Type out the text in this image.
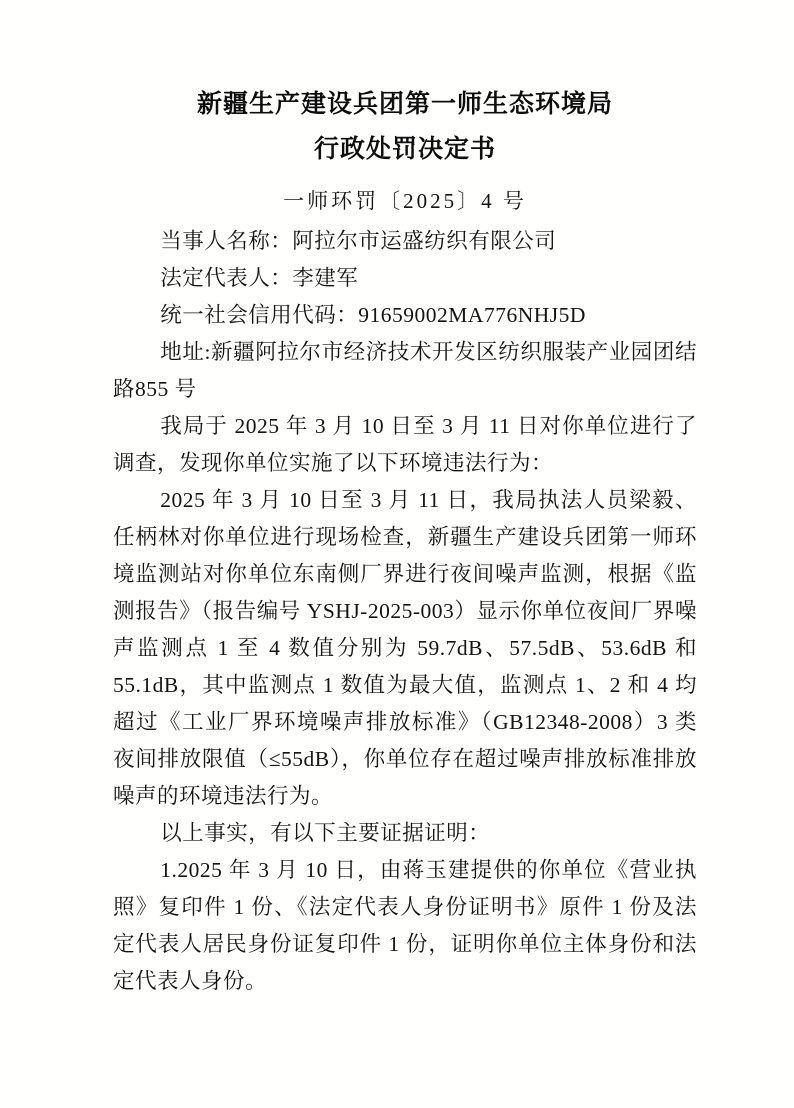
新疆生产建设兵团第一师生态环境局
行政处罚决定书
一师环罚〔2025〕4 号

当事人名称：阿拉尔市运盛纺织有限公司

法定代表人：李建军

统一社会信用代码：91659002MA776NHJ5D

地址:新疆阿拉尔市经济技术开发区纺织服装产业园团结路855 号

我局于 2025 年 3 月 10 日至 3 月 11 日对你单位进行了调查，发现你单位实施了以下环境违法行为：

2025 年 3 月 10 日至 3 月 11 日，我局执法人员梁毅、任柄林对你单位进行现场检查，新疆生产建设兵团第一师环境监测站对你单位东南侧厂界进行夜间噪声监测，根据《监测报告》（报告编号 YSHJ-2025-003）显示你单位夜间厂界噪声监测点 1 至 4 数值分别为 59.7dB、57.5dB、53.6dB 和 55.1dB，其中监测点 1 数值为最大值，监测点 1、2 和 4 均超过《工业厂界环境噪声排放标准》（GB12348-2008）3 类夜间排放限值（≤55dB），你单位存在超过噪声排放标准排放噪声的环境违法行为。

以上事实，有以下主要证据证明：

1.2025 年 3 月 10 日，由蒋玉建提供的你单位《营业执照》复印件 1 份、《法定代表人身份证明书》原件 1 份及法定代表人居民身份证复印件 1 份，证明你单位主体身份和法定代表人身份。
